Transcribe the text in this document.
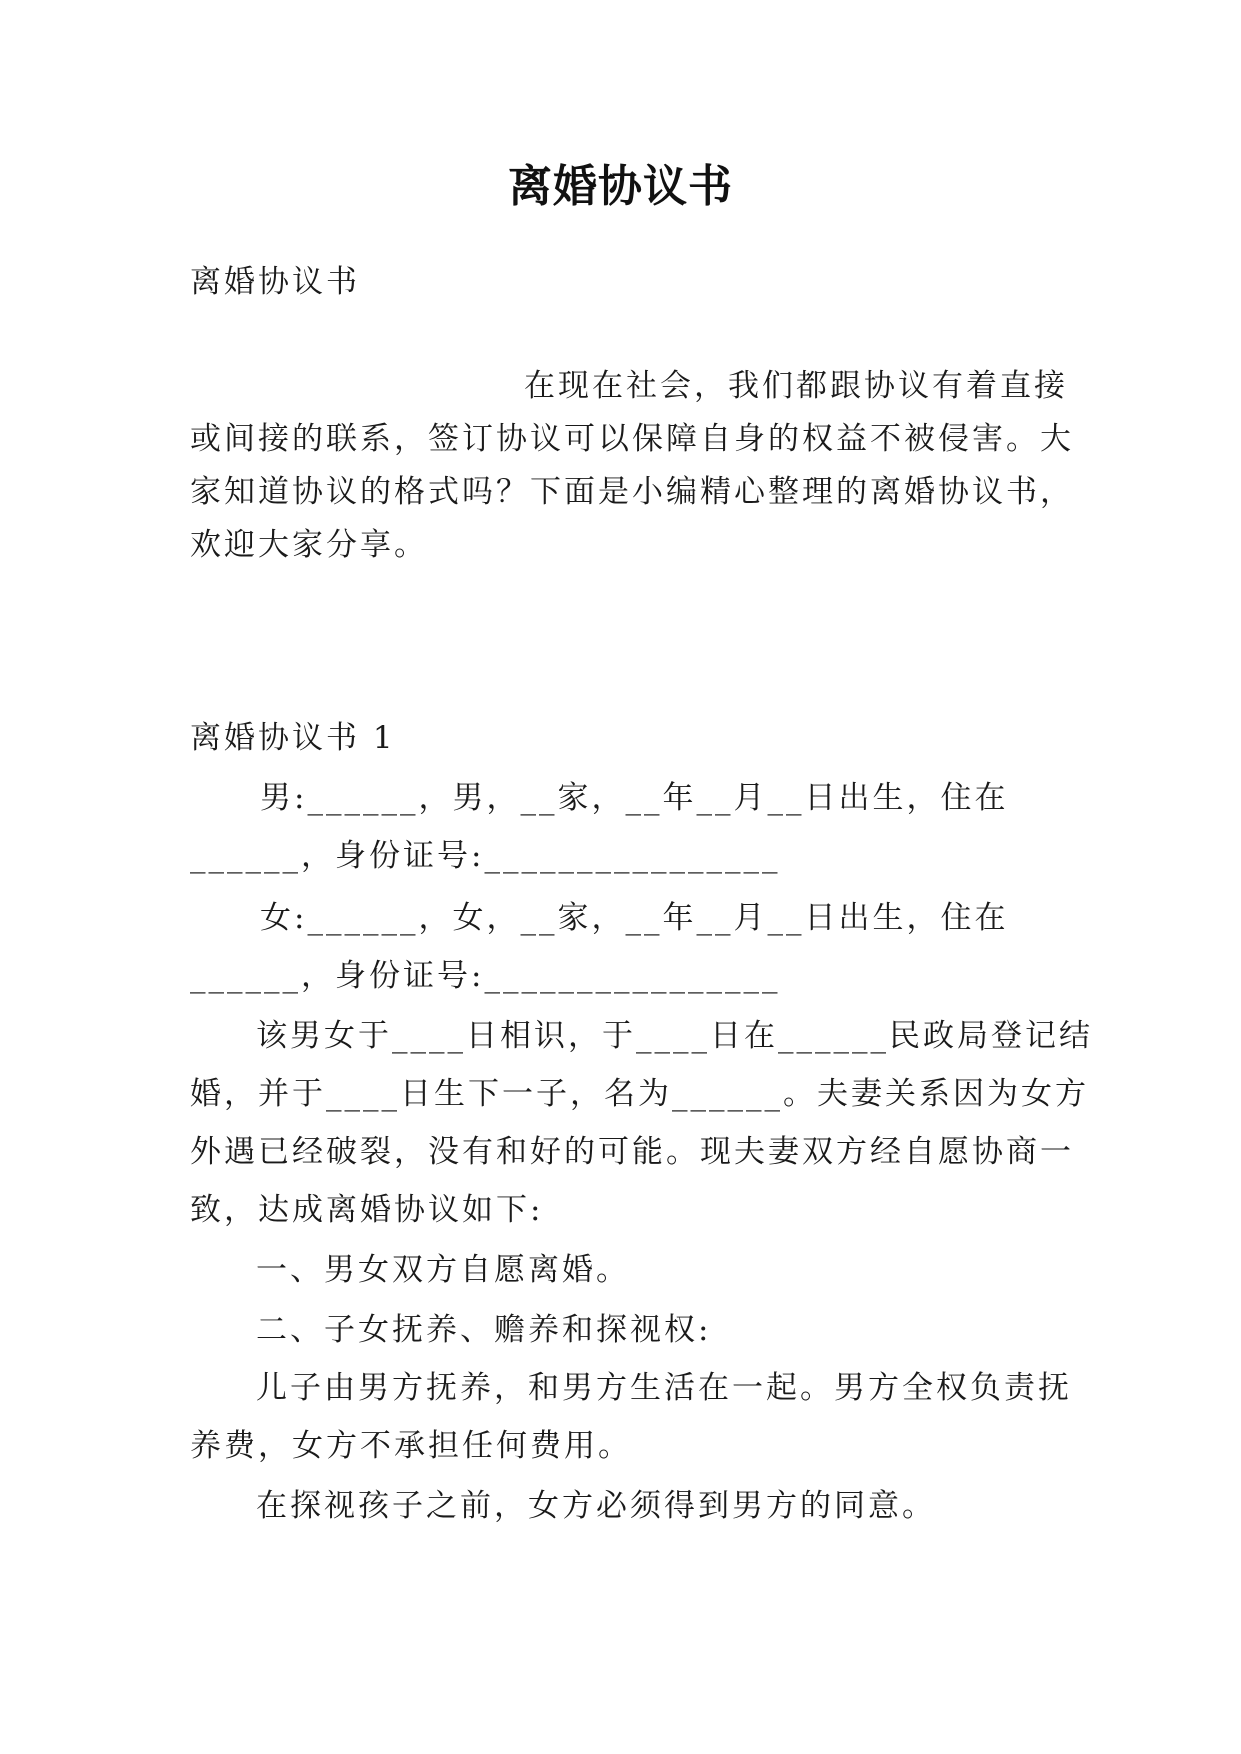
离婚协议书
离婚协议书
在现在社会，我们都跟协议有着直接
或间接的联系，签订协议可以保障自身的权益不被侵害。大
家知道协议的格式吗？下面是小编精心整理的离婚协议书，
欢迎大家分享。
离婚协议书 1
男:______，男，__家，__年__月__日出生，住在
______，身份证号:________________
女:______，女，__家，__年__月__日出生，住在
______，身份证号:________________
该男女于____日相识，于____日在______民政局登记结
婚，并于____日生下一子，名为______。夫妻关系因为女方
外遇已经破裂，没有和好的可能。现夫妻双方经自愿协商一
致，达成离婚协议如下:
一、男女双方自愿离婚。
二、子女抚养、赡养和探视权:
儿子由男方抚养，和男方生活在一起。男方全权负责抚
养费，女方不承担任何费用。
在探视孩子之前，女方必须得到男方的同意。
